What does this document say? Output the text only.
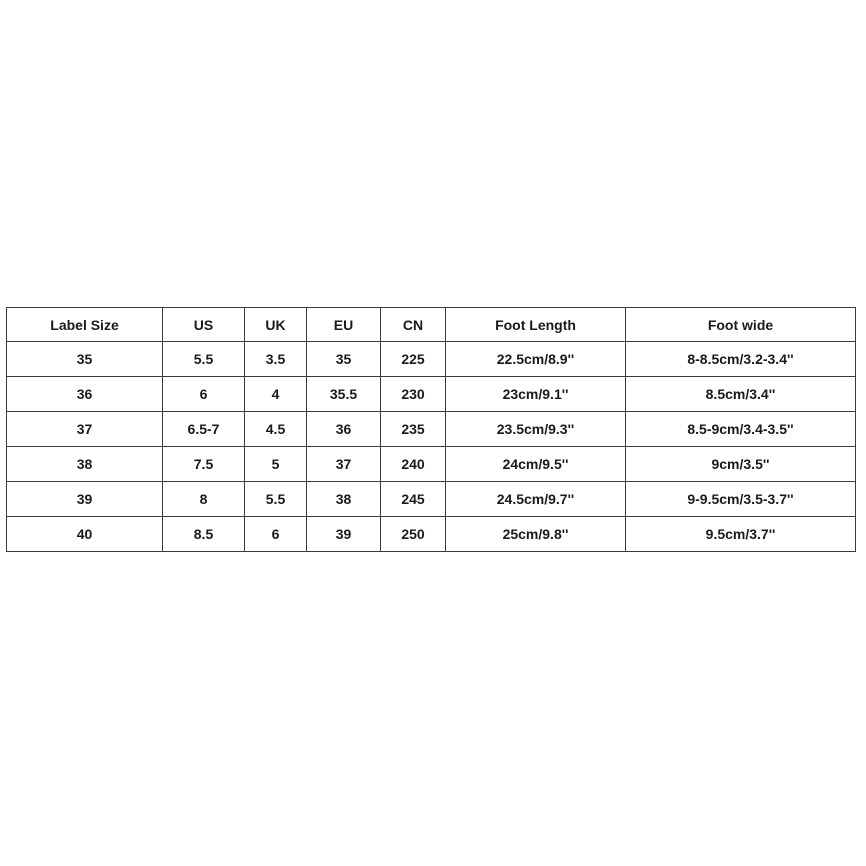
Label Size	US	UK	EU	CN	Foot Length	Foot wide
35	5.5	3.5	35	225	22.5cm/8.9''	8-8.5cm/3.2-3.4''
36	6	4	35.5	230	23cm/9.1''	8.5cm/3.4''
37	6.5-7	4.5	36	235	23.5cm/9.3''	8.5-9cm/3.4-3.5''
38	7.5	5	37	240	24cm/9.5''	9cm/3.5''
39	8	5.5	38	245	24.5cm/9.7''	9-9.5cm/3.5-3.7''
40	8.5	6	39	250	25cm/9.8''	9.5cm/3.7''
